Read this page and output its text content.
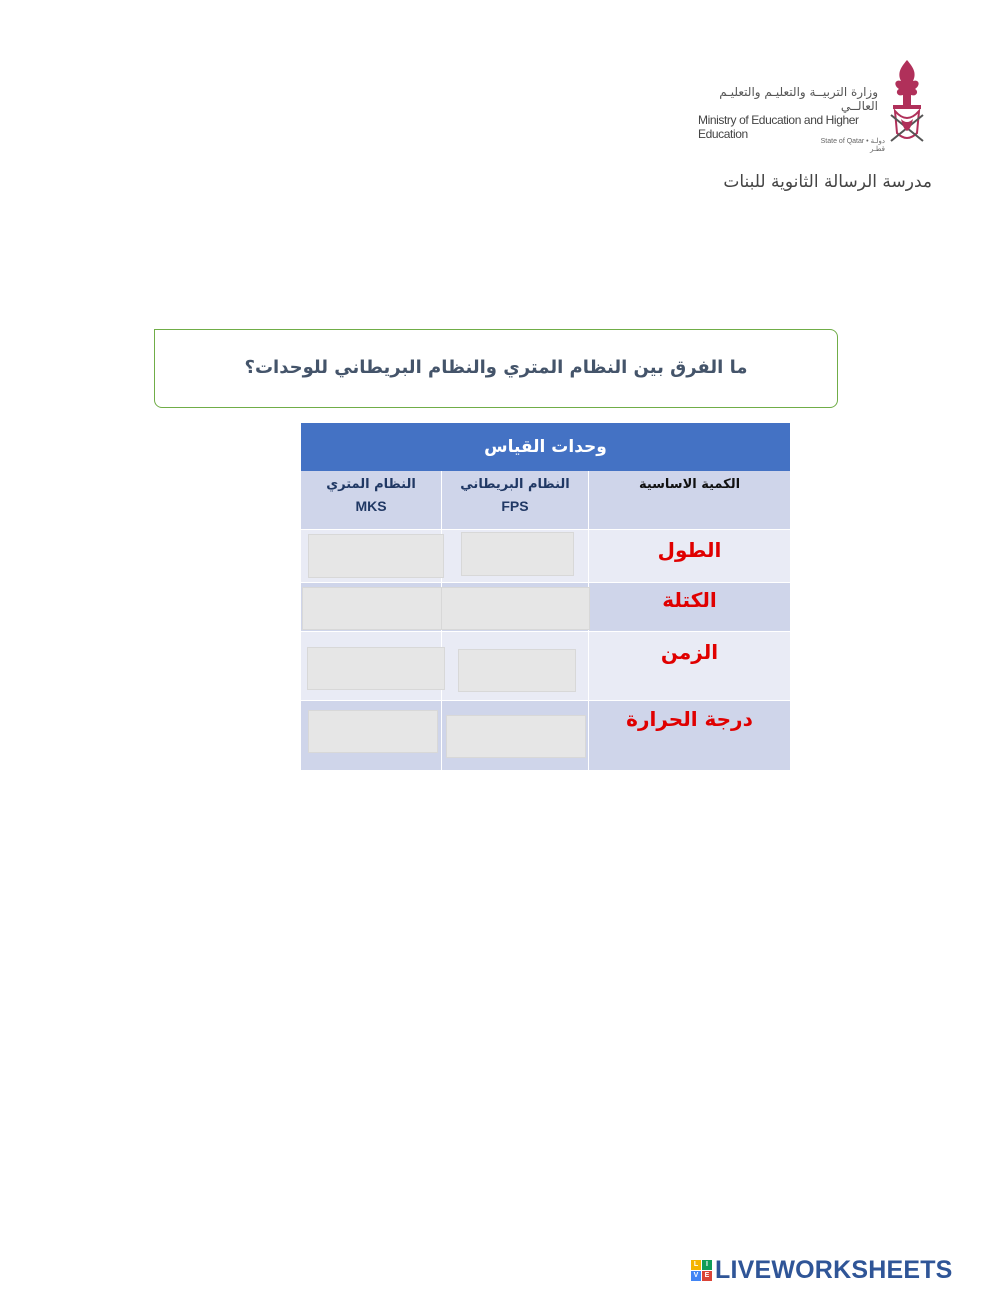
وزارة التربيــة والتعليـم والتعليـم العالــي
Ministry of Education and Higher Education
State of Qatar • دولـة قطـر
مدرسة الرسالة الثانوية للبنات
ما الفرق بين النظام المتري والنظام البريطاني للوحدات؟
وحدات القياس
النظام المتري
MKS
النظام البريطاني
FPS
الكمية الاساسية
الطول
الكتلة
الزمن
درجة الحرارة
L	I
V E LIVEWORKSHEETS
